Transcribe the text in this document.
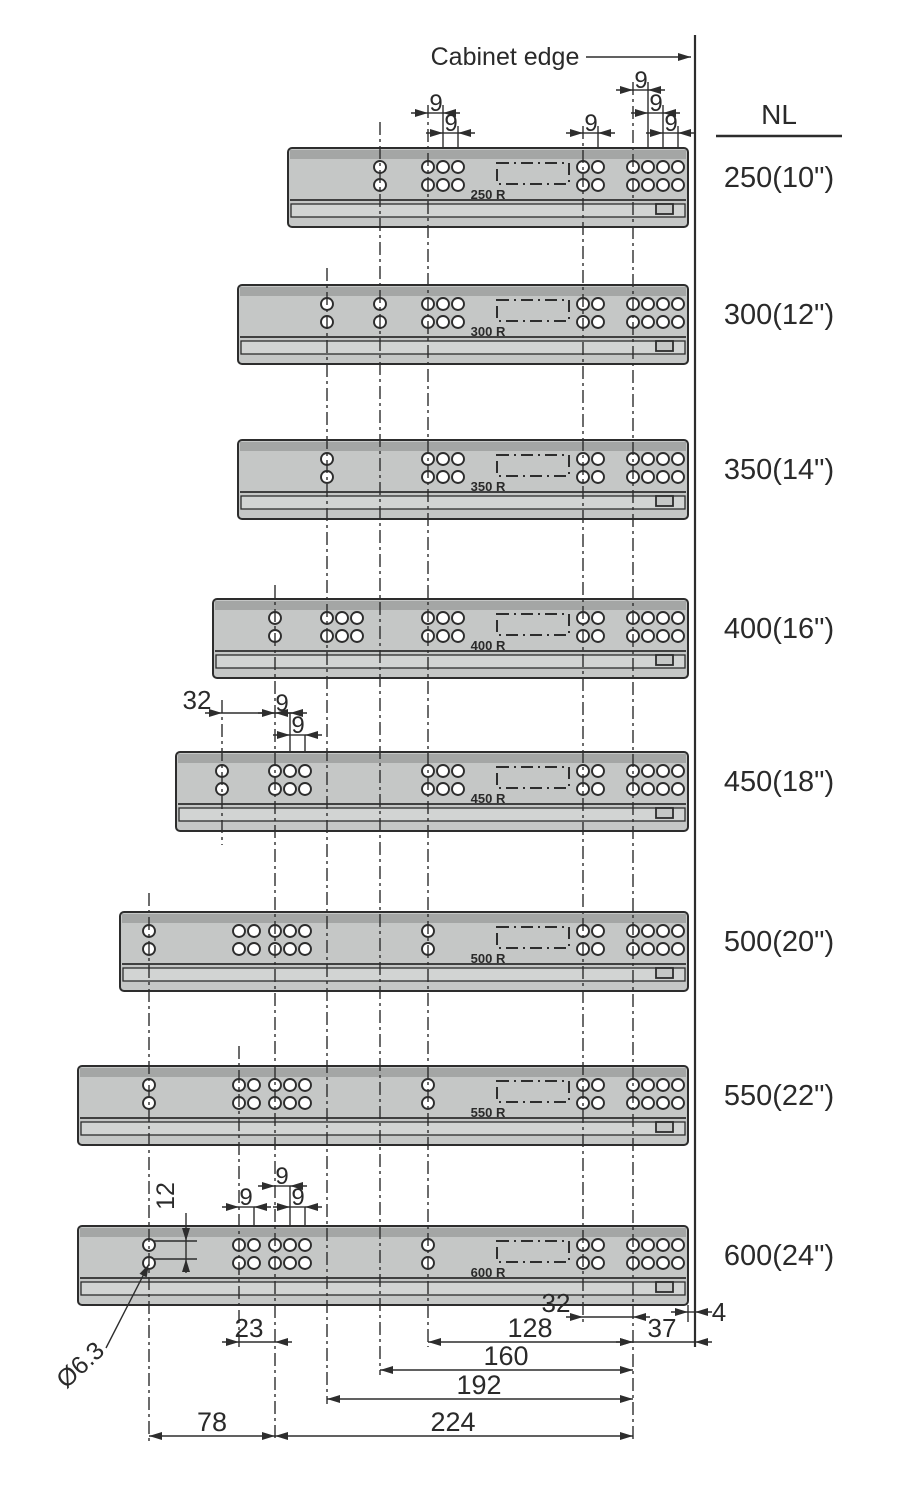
250 R
250(10")
300 R
300(12")
350 R
350(14")
400 R
400(16")
450 R
450(18")
500 R
500(20")
550 R
550(22")
600 R
600(24")
9
9	9
9
9
9
32	9
9
9
9 9
32	4
23	128	37
160
192
78	224
12
Cabinet edge
NL
Ø6.3
